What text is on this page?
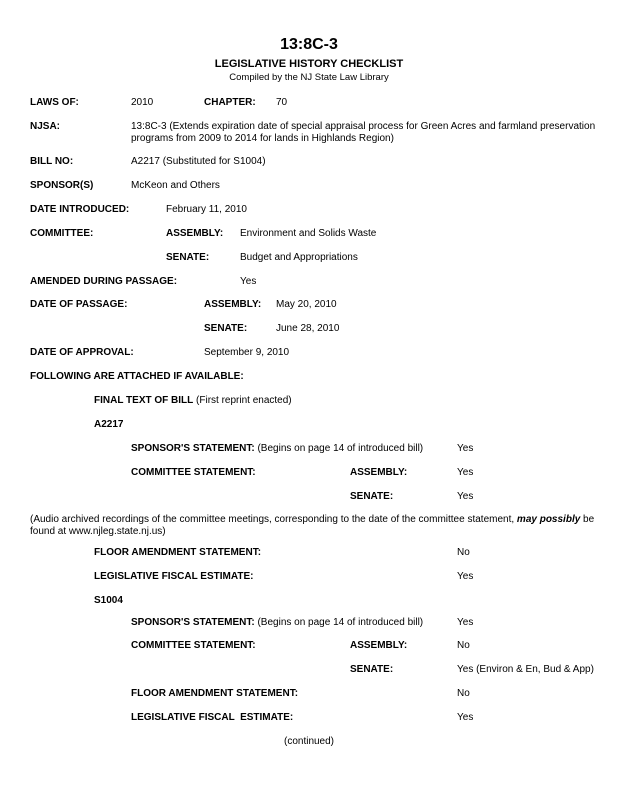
13:8C-3
LEGISLATIVE HISTORY CHECKLIST
Compiled by the NJ State Law Library
LAWS OF:	2010	CHAPTER: 70
NJSA:	13:8C-3 (Extends expiration date of special appraisal process for Green Acres and farmland preservation programs from 2009 to 2014 for lands in Highlands Region)
BILL NO:	A2217 (Substituted for S1004)
SPONSOR(S)	McKeon and Others
DATE INTRODUCED:	February 11, 2010
COMMITTEE:	ASSEMBLY: Environment and Solids Waste
SENATE:	Budget and Appropriations
AMENDED DURING PASSAGE:	Yes
DATE OF PASSAGE:	ASSEMBLY: May 20, 2010
SENATE:	June 28, 2010
DATE OF APPROVAL:	September 9, 2010
FOLLOWING ARE ATTACHED IF AVAILABLE:
FINAL TEXT OF BILL (First reprint enacted)
A2217
SPONSOR'S STATEMENT: (Begins on page 14 of introduced bill)	Yes
COMMITTEE STATEMENT:	ASSEMBLY:	Yes
SENATE:	Yes
(Audio archived recordings of the committee meetings, corresponding to the date of the committee statement, may possibly be found at www.njleg.state.nj.us)
FLOOR AMENDMENT STATEMENT:	No
LEGISLATIVE FISCAL ESTIMATE:	Yes
S1004
SPONSOR'S STATEMENT: (Begins on page 14 of introduced bill)	Yes
COMMITTEE STATEMENT:	ASSEMBLY:	No
SENATE:	Yes (Environ & En, Bud & App)
FLOOR AMENDMENT STATEMENT:	No
LEGISLATIVE FISCAL  ESTIMATE:	Yes
(continued)
